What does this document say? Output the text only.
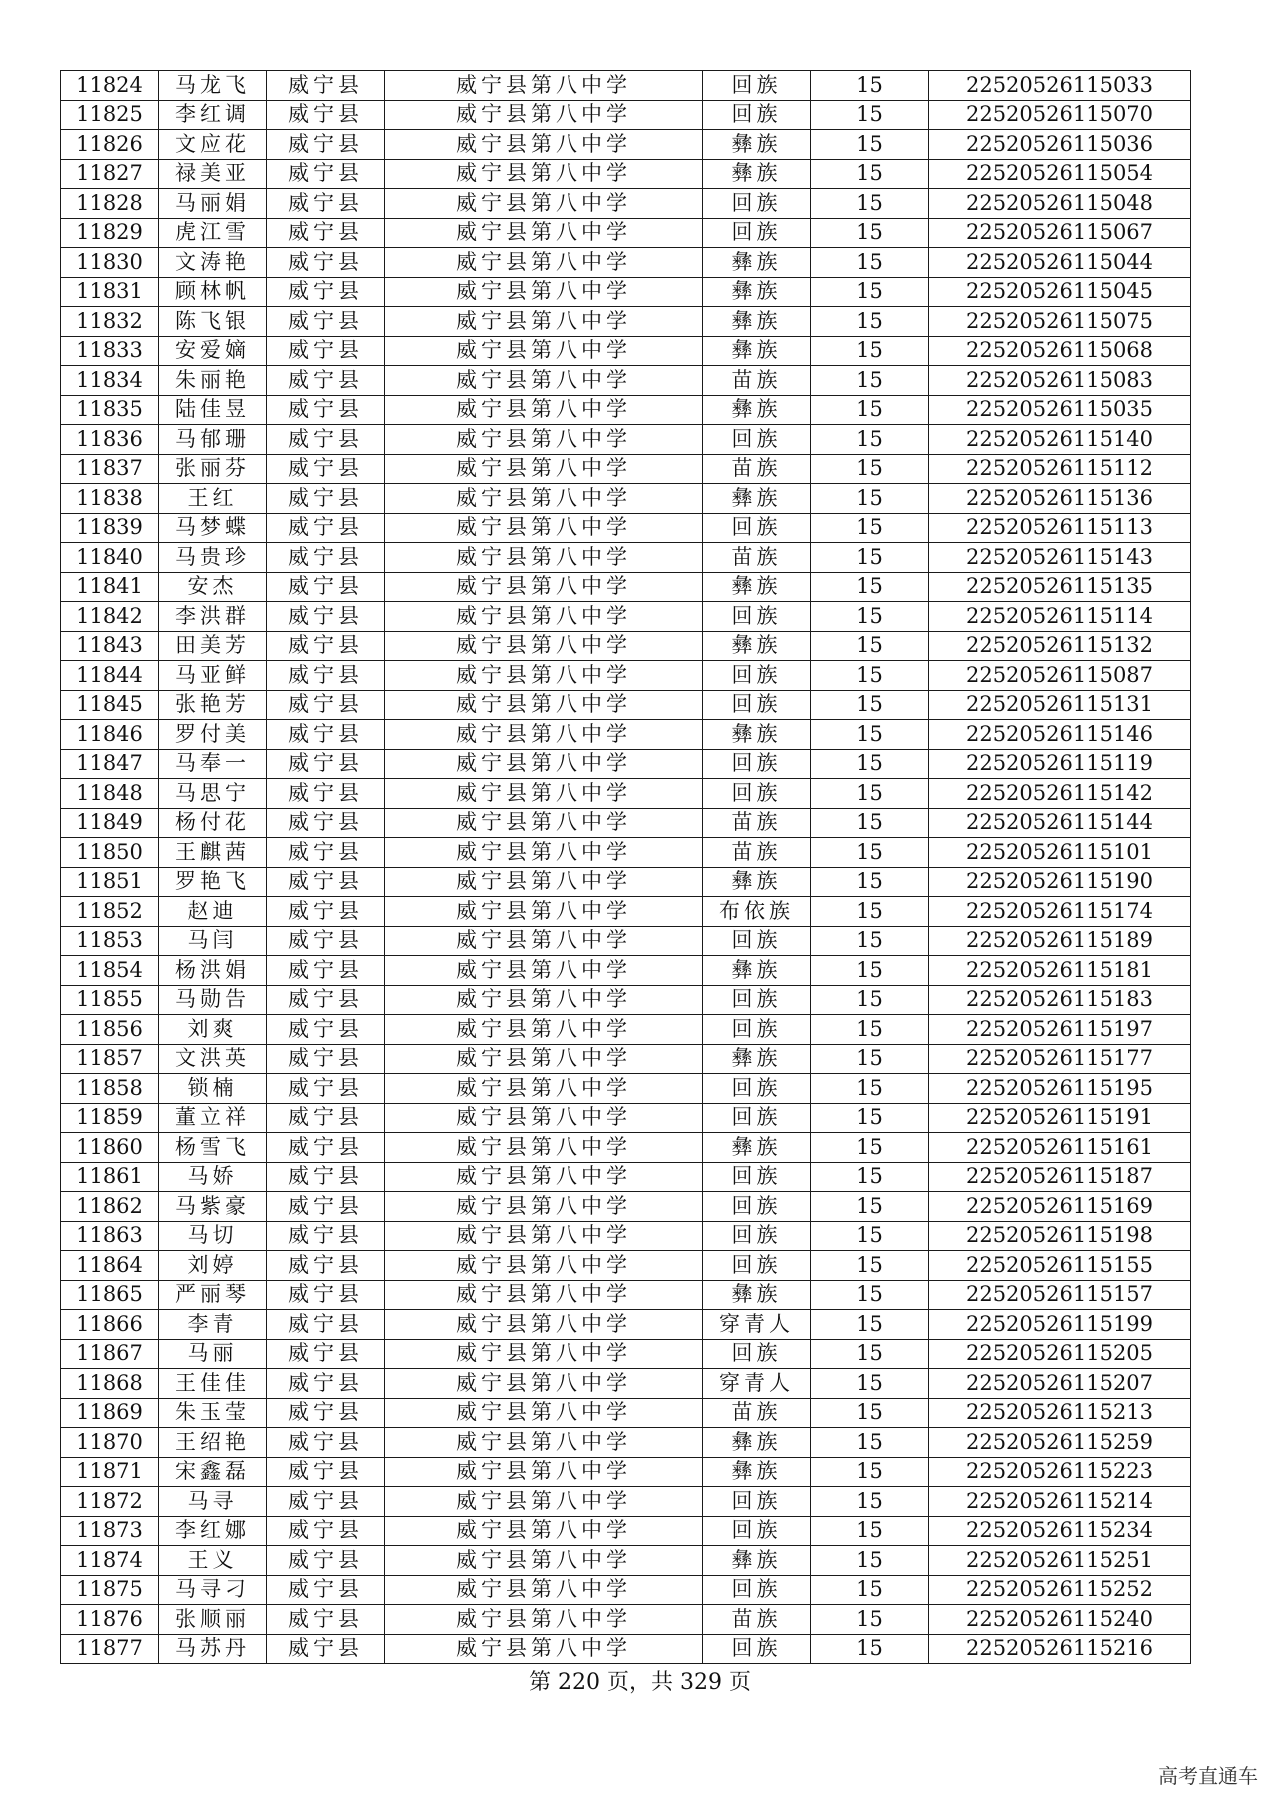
11824	马龙飞	威宁县	威宁县第八中学	回族	15	22520526115033
11825	李红调	威宁县	威宁县第八中学	回族	15	22520526115070
11826	文应花	威宁县	威宁县第八中学	彝族	15	22520526115036
11827	禄美亚	威宁县	威宁县第八中学	彝族	15	22520526115054
11828	马丽娟	威宁县	威宁县第八中学	回族	15	22520526115048
11829	虎江雪	威宁县	威宁县第八中学	回族	15	22520526115067
11830	文涛艳	威宁县	威宁县第八中学	彝族	15	22520526115044
11831	顾林帆	威宁县	威宁县第八中学	彝族	15	22520526115045
11832	陈飞银	威宁县	威宁县第八中学	彝族	15	22520526115075
11833	安爱嫡	威宁县	威宁县第八中学	彝族	15	22520526115068
11834	朱丽艳	威宁县	威宁县第八中学	苗族	15	22520526115083
11835	陆佳昱	威宁县	威宁县第八中学	彝族	15	22520526115035
11836	马郁珊	威宁县	威宁县第八中学	回族	15	22520526115140
11837	张丽芬	威宁县	威宁县第八中学	苗族	15	22520526115112
11838	王红	威宁县	威宁县第八中学	彝族	15	22520526115136
11839	马梦蝶	威宁县	威宁县第八中学	回族	15	22520526115113
11840	马贵珍	威宁县	威宁县第八中学	苗族	15	22520526115143
11841	安杰	威宁县	威宁县第八中学	彝族	15	22520526115135
11842	李洪群	威宁县	威宁县第八中学	回族	15	22520526115114
11843	田美芳	威宁县	威宁县第八中学	彝族	15	22520526115132
11844	马亚鲜	威宁县	威宁县第八中学	回族	15	22520526115087
11845	张艳芳	威宁县	威宁县第八中学	回族	15	22520526115131
11846	罗付美	威宁县	威宁县第八中学	彝族	15	22520526115146
11847	马奉一	威宁县	威宁县第八中学	回族	15	22520526115119
11848	马思宁	威宁县	威宁县第八中学	回族	15	22520526115142
11849	杨付花	威宁县	威宁县第八中学	苗族	15	22520526115144
11850	王麒茜	威宁县	威宁县第八中学	苗族	15	22520526115101
11851	罗艳飞	威宁县	威宁县第八中学	彝族	15	22520526115190
11852	赵迪	威宁县	威宁县第八中学	布依族	15	22520526115174
11853	马闫	威宁县	威宁县第八中学	回族	15	22520526115189
11854	杨洪娟	威宁县	威宁县第八中学	彝族	15	22520526115181
11855	马勋告	威宁县	威宁县第八中学	回族	15	22520526115183
11856	刘爽	威宁县	威宁县第八中学	回族	15	22520526115197
11857	文洪英	威宁县	威宁县第八中学	彝族	15	22520526115177
11858	锁楠	威宁县	威宁县第八中学	回族	15	22520526115195
11859	董立祥	威宁县	威宁县第八中学	回族	15	22520526115191
11860	杨雪飞	威宁县	威宁县第八中学	彝族	15	22520526115161
11861	马娇	威宁县	威宁县第八中学	回族	15	22520526115187
11862	马紫豪	威宁县	威宁县第八中学	回族	15	22520526115169
11863	马切	威宁县	威宁县第八中学	回族	15	22520526115198
11864	刘婷	威宁县	威宁县第八中学	回族	15	22520526115155
11865	严丽琴	威宁县	威宁县第八中学	彝族	15	22520526115157
11866	李青	威宁县	威宁县第八中学	穿青人	15	22520526115199
11867	马丽	威宁县	威宁县第八中学	回族	15	22520526115205
11868	王佳佳	威宁县	威宁县第八中学	穿青人	15	22520526115207
11869	朱玉莹	威宁县	威宁县第八中学	苗族	15	22520526115213
11870	王绍艳	威宁县	威宁县第八中学	彝族	15	22520526115259
11871	宋鑫磊	威宁县	威宁县第八中学	彝族	15	22520526115223
11872	马寻	威宁县	威宁县第八中学	回族	15	22520526115214
11873	李红娜	威宁县	威宁县第八中学	回族	15	22520526115234
11874	王义	威宁县	威宁县第八中学	彝族	15	22520526115251
11875	马寻刁	威宁县	威宁县第八中学	回族	15	22520526115252
11876	张顺丽	威宁县	威宁县第八中学	苗族	15	22520526115240
11877	马苏丹	威宁县	威宁县第八中学	回族	15	22520526115216
第 220 页，共 329 页
高考直通车
